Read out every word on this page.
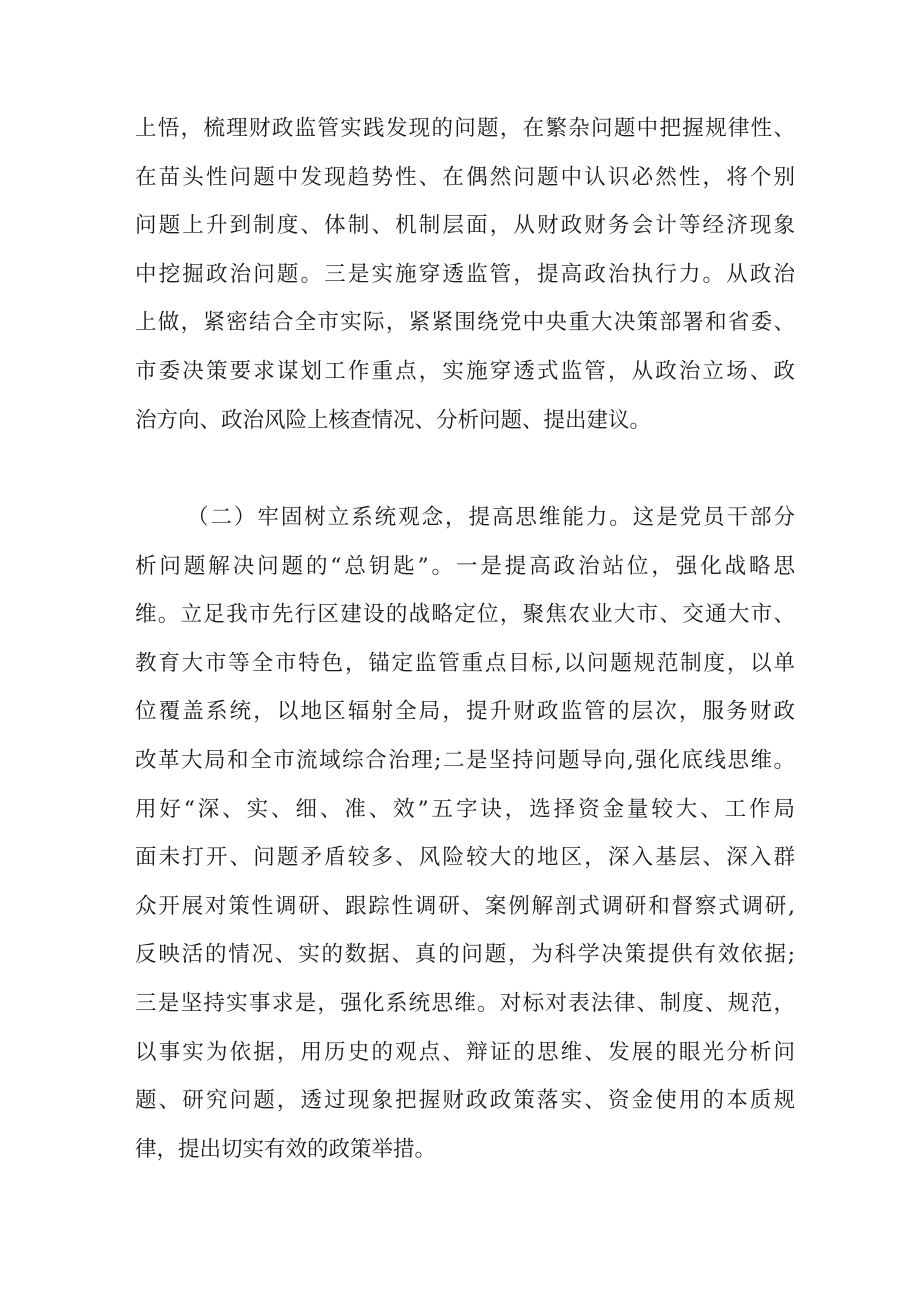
上悟，梳理财政监管实践发现的问题，在繁杂问题中把握规律性、
在苗头性问题中发现趋势性、在偶然问题中认识必然性，将个别
问题上升到制度、体制、机制层面，从财政财务会计等经济现象
中挖掘政治问题。三是实施穿透监管，提高政治执行力。从政治
上做，紧密结合全市实际，紧紧围绕党中央重大决策部署和省委、
市委决策要求谋划工作重点，实施穿透式监管，从政治立场、政
治方向、政治风险上核查情况、分析问题、提出建议。
（二）牢固树立系统观念，提高思维能力。这是党员干部分
析问题解决问题的“总钥匙”。一是提高政治站位，强化战略思
维。立足我市先行区建设的战略定位，聚焦农业大市、交通大市、
教育大市等全市特色，锚定监管重点目标,以问题规范制度，以单
位覆盖系统，以地区辐射全局，提升财政监管的层次，服务财政
改革大局和全市流域综合治理;二是坚持问题导向,强化底线思维。
用好“深、实、细、准、效”五字诀，选择资金量较大、工作局
面未打开、问题矛盾较多、风险较大的地区，深入基层、深入群
众开展对策性调研、跟踪性调研、案例解剖式调研和督察式调研,
反映活的情况、实的数据、真的问题，为科学决策提供有效依据;
三是坚持实事求是，强化系统思维。对标对表法律、制度、规范，
以事实为依据，用历史的观点、辩证的思维、发展的眼光分析问
题、研究问题，透过现象把握财政政策落实、资金使用的本质规
律，提出切实有效的政策举措。
